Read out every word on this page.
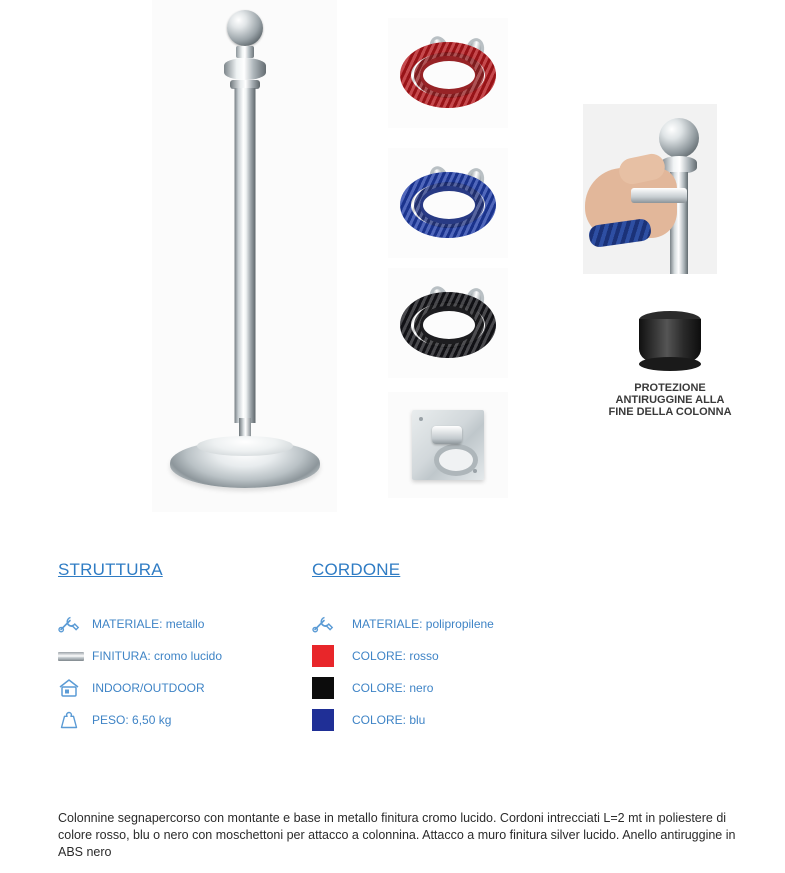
PROTEZIONE ANTIRUGGINE ALLA FINE DELLA COLONNA
STRUTTURA
MATERIALE: metallo
FINITURA: cromo lucido
INDOOR/OUTDOOR
PESO: 6,50 kg
CORDONE
MATERIALE: polipropilene
COLORE: rosso
COLORE: nero
COLORE: blu
Colonnine segnapercorso con montante e base in metallo finitura cromo lucido. Cordoni intrecciati L=2 mt in poliestere di colore rosso, blu o nero con moschettoni per attacco a colonnina. Attacco a muro finitura silver lucido. Anello antiruggine in ABS nero
